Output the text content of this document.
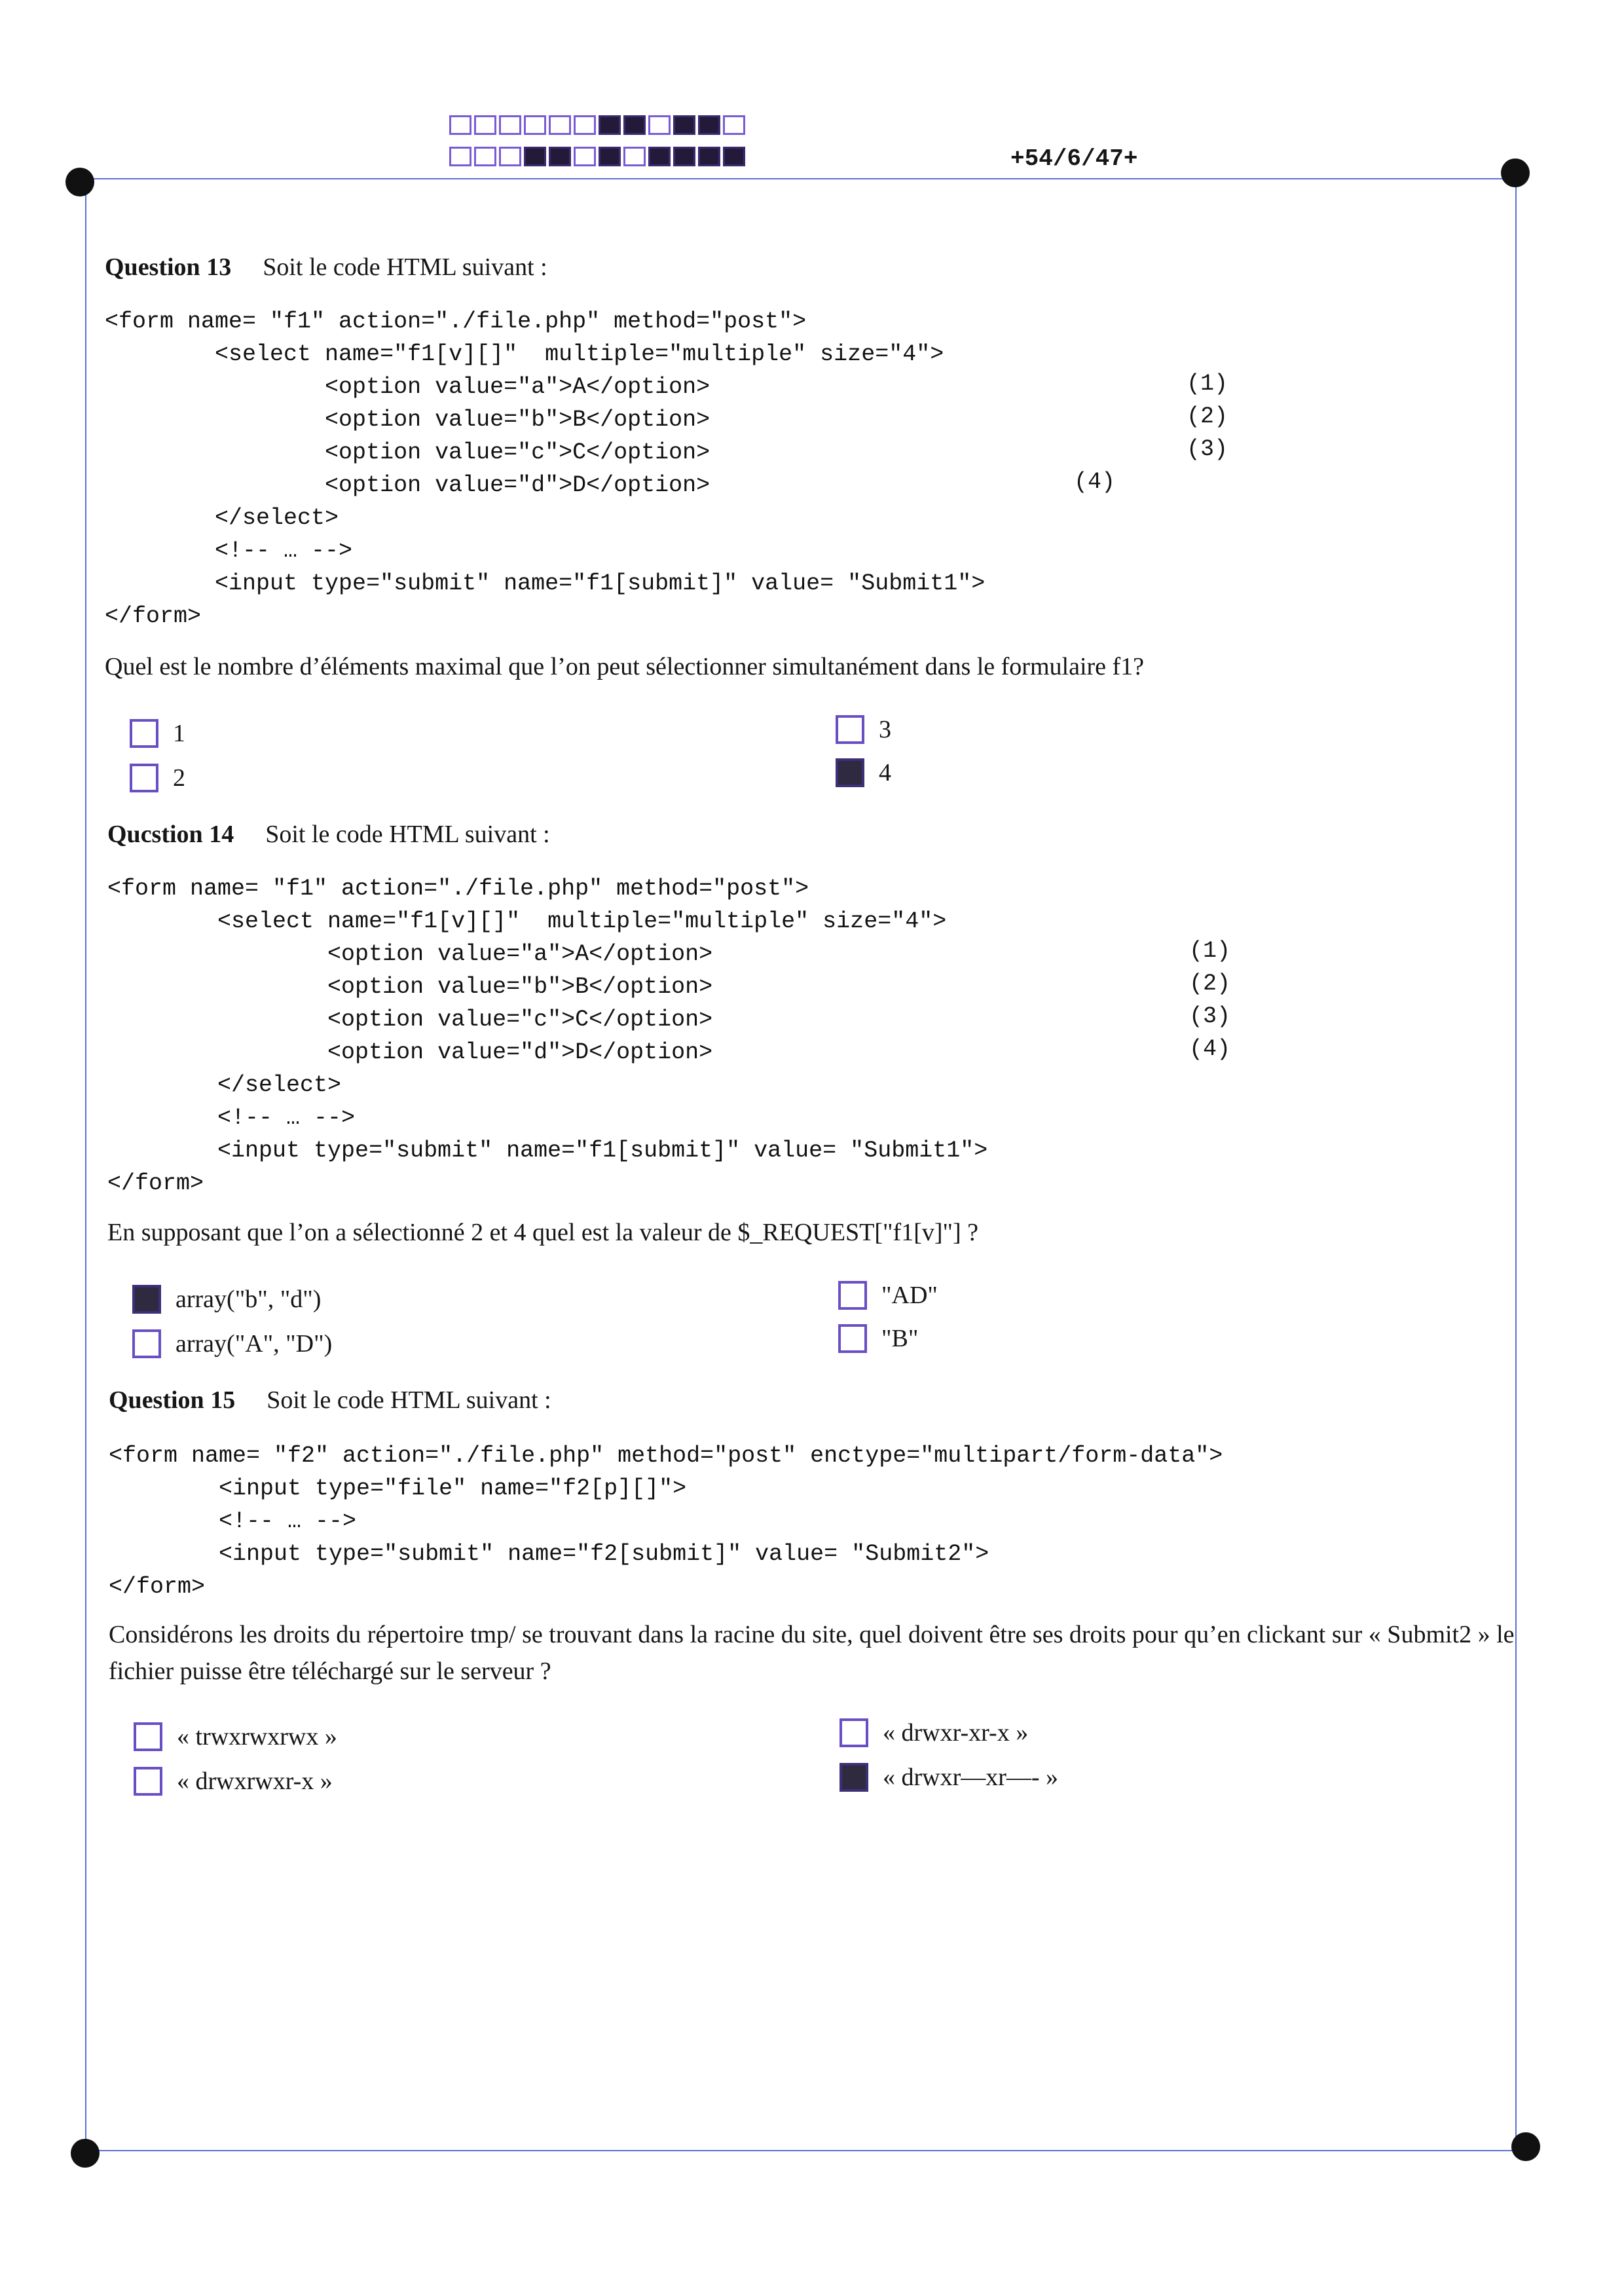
+54/6/47+
Question 13 Soit le code HTML suivant :
<form name= "f1" action="./file.php" method="post">
<select name="f1[v][]"  multiple="multiple" size="4">
<option value="a">A</option>
<option value="b">B</option>
<option value="c">C</option>
<option value="d">D</option>
</select>
<!-- … -->
<input type="submit" name="f1[submit]" value= "Submit1">
</form>
(1)
(2)
(3)
(4)
Quel est le nombre d’éléments maximal que l’on peut sélectionner simultanément dans le formulaire f1?
1
2
3
4
Qucstion 14 Soit le code HTML suivant :
<form name= "f1" action="./file.php" method="post">
<select name="f1[v][]"  multiple="multiple" size="4">
<option value="a">A</option>
<option value="b">B</option>
<option value="c">C</option>
<option value="d">D</option>
</select>
<!-- … -->
<input type="submit" name="f1[submit]" value= "Submit1">
</form>
(1)
(2)
(3)
(4)
En supposant que l’on a sélectionné 2 et 4 quel est la valeur de $_REQUEST["f1[v]"] ?
array("b", "d")
array("A", "D")
"AD"
"B"
Question 15 Soit le code HTML suivant :
<form name= "f2" action="./file.php" method="post" enctype="multipart/form-data">
<input type="file" name="f2[p][]">
<!-- … -->
<input type="submit" name="f2[submit]" value= "Submit2">
</form>
Considérons les droits du répertoire tmp/ se trouvant dans la racine du site, quel doivent être ses droits pour qu’en clickant sur « Submit2 » le fichier puisse être téléchargé sur le serveur ?
« trwxrwxrwx »
« drwxrwxr-x »
« drwxr-xr-x »
« drwxr—xr—- »
